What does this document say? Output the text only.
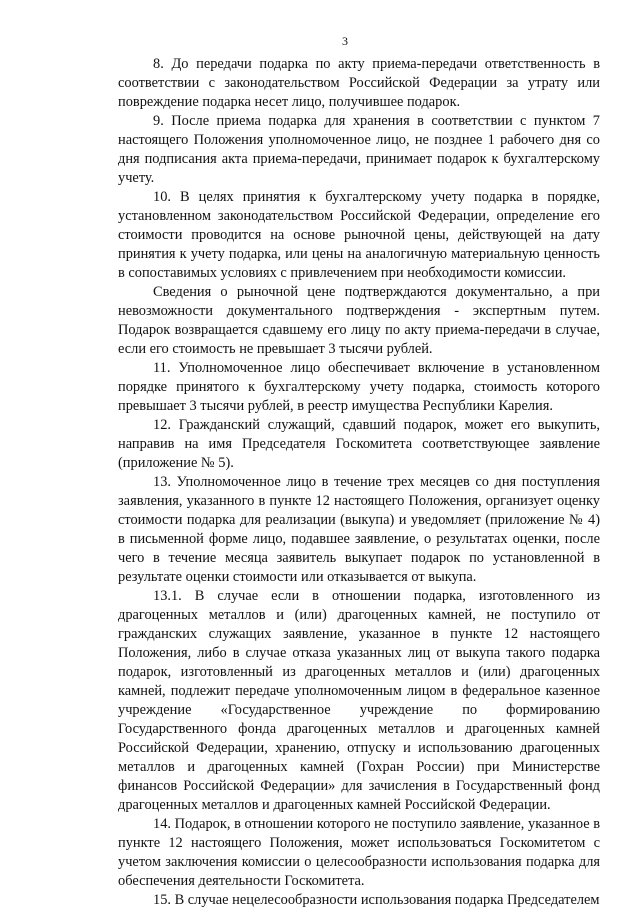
3

8. До передачи подарка по акту приема-передачи ответственность в соответствии с законодательством Российской Федерации за утрату или повреждение подарка несет лицо, получившее подарок.

9. После приема подарка для хранения в соответствии с пунктом 7 настоящего Положения уполномоченное лицо, не позднее 1 рабочего дня со дня подписания акта приема-передачи, принимает подарок к бухгалтерскому учету.

10. В целях принятия к бухгалтерскому учету подарка в порядке, установленном законодательством Российской Федерации, определение его стоимости проводится на основе рыночной цены, действующей на дату принятия к учету подарка, или цены на аналогичную материальную ценность в сопоставимых условиях с привлечением при необходимости комиссии.

Сведения о рыночной цене подтверждаются документально, а при невозможности документального подтверждения - экспертным путем. Подарок возвращается сдавшему его лицу по акту приема-передачи в случае, если его стоимость не превышает 3 тысячи рублей.

11. Уполномоченное лицо обеспечивает включение в установленном порядке принятого к бухгалтерскому учету подарка, стоимость которого превышает 3 тысячи рублей, в реестр имущества Республики Карелия.

12. Гражданский служащий, сдавший подарок, может его выкупить, направив на имя Председателя Госкомитета соответствующее заявление (приложение № 5).

13. Уполномоченное лицо в течение трех месяцев со дня поступления заявления, указанного в пункте 12 настоящего Положения, организует оценку стоимости подарка для реализации (выкупа) и уведомляет (приложение № 4) в письменной форме лицо, подавшее заявление, о результатах оценки, после чего в течение месяца заявитель выкупает подарок по установленной в результате оценки стоимости или отказывается от выкупа.

13.1. В случае если в отношении подарка, изготовленного из драгоценных металлов и (или) драгоценных камней, не поступило от гражданских служащих заявление, указанное в пункте 12 настоящего Положения, либо в случае отказа указанных лиц от выкупа такого подарка подарок, изготовленный из драгоценных металлов и (или) драгоценных камней, подлежит передаче уполномоченным лицом в федеральное казенное учреждение «Государственное учреждение по формированию Государственного фонда драгоценных металлов и драгоценных камней Российской Федерации, хранению, отпуску и использованию драгоценных металлов и драгоценных камней (Гохран России) при Министерстве финансов Российской Федерации» для зачисления в Государственный фонд драгоценных металлов и драгоценных камней Российской Федерации.

14. Подарок, в отношении которого не поступило заявление, указанное в пункте 12 настоящего Положения, может использоваться Госкомитетом с учетом заключения комиссии о целесообразности использования подарка для обеспечения деятельности Госкомитета.

15. В случае нецелесообразности использования подарка Председателем
